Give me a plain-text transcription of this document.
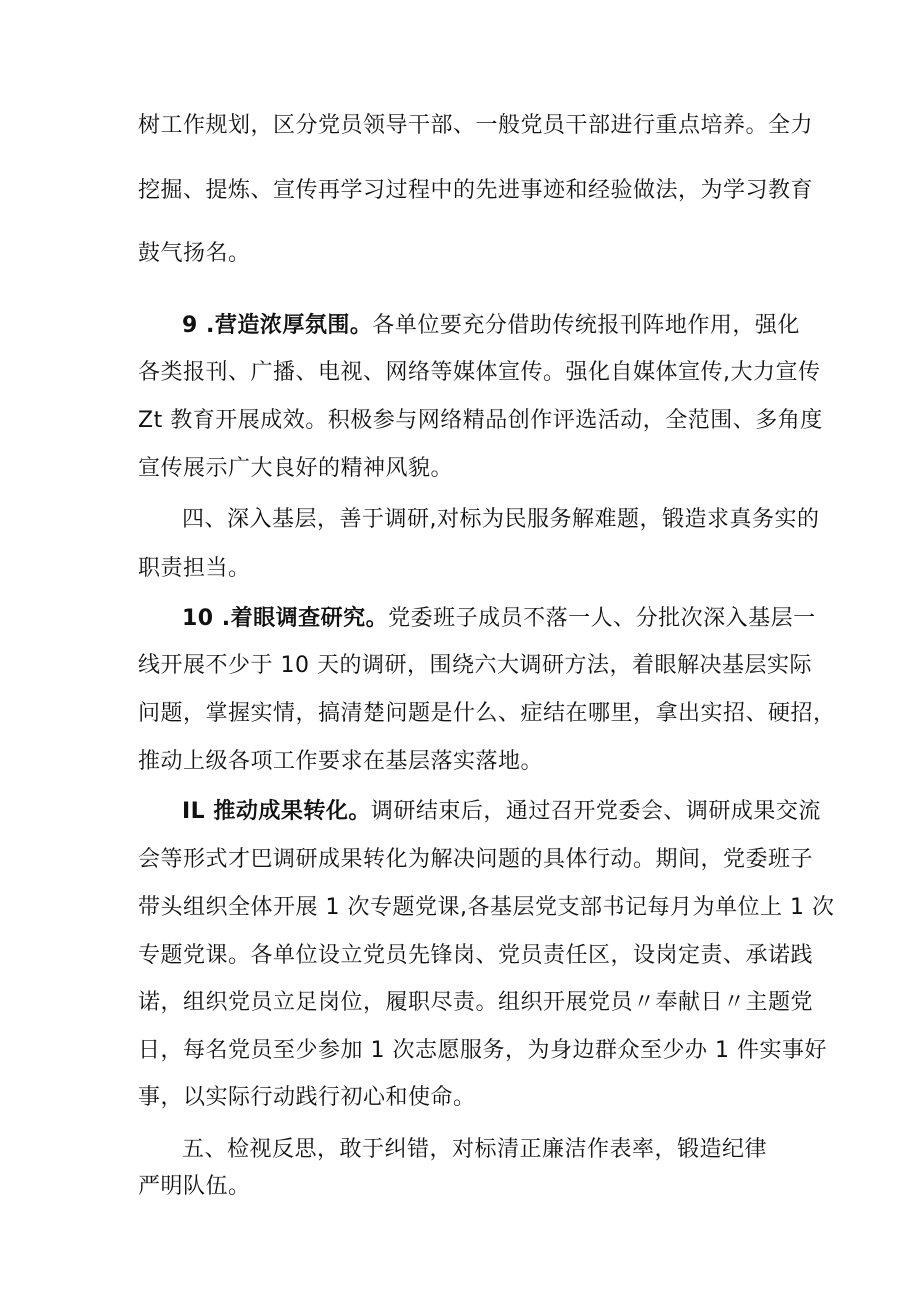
树工作规划，区分党员领导干部、一般党员干部进行重点培养。全力
挖掘、提炼、宣传再学习过程中的先进事迹和经验做法，为学习教育
鼓气扬名。
9 .营造浓厚氛围。各单位要充分借助传统报刊阵地作用，强化
各类报刊、广播、电视、网络等媒体宣传。强化自媒体宣传,大力宣传
Zt 教育开展成效。积极参与网络精品创作评选活动，全范围、多角度
宣传展示广大良好的精神风貌。
四、深入基层，善于调研,对标为民服务解难题，锻造求真务实的
职责担当。
10 .着眼调查研究。党委班子成员不落一人、分批次深入基层一
线开展不少于 10 天的调研，围绕六大调研方法，着眼解决基层实际
问题，掌握实情，搞清楚问题是什么、症结在哪里，拿出实招、硬招，
推动上级各项工作要求在基层落实落地。
IL 推动成果转化。调研结束后，通过召开党委会、调研成果交流
会等形式才巴调研成果转化为解决问题的具体行动。期间，党委班子
带头组织全体开展 1 次专题党课,各基层党支部书记每月为单位上 1 次
专题党课。各单位设立党员先锋岗、党员责任区，设岗定责、承诺践
诺，组织党员立足岗位，履职尽责。组织开展党员〃奉献日〃主题党
日，每名党员至少参加 1 次志愿服务，为身边群众至少办 1 件实事好
事，以实际行动践行初心和使命。
五、检视反思，敢于纠错，对标清正廉洁作表率，锻造纪律
严明队伍。
